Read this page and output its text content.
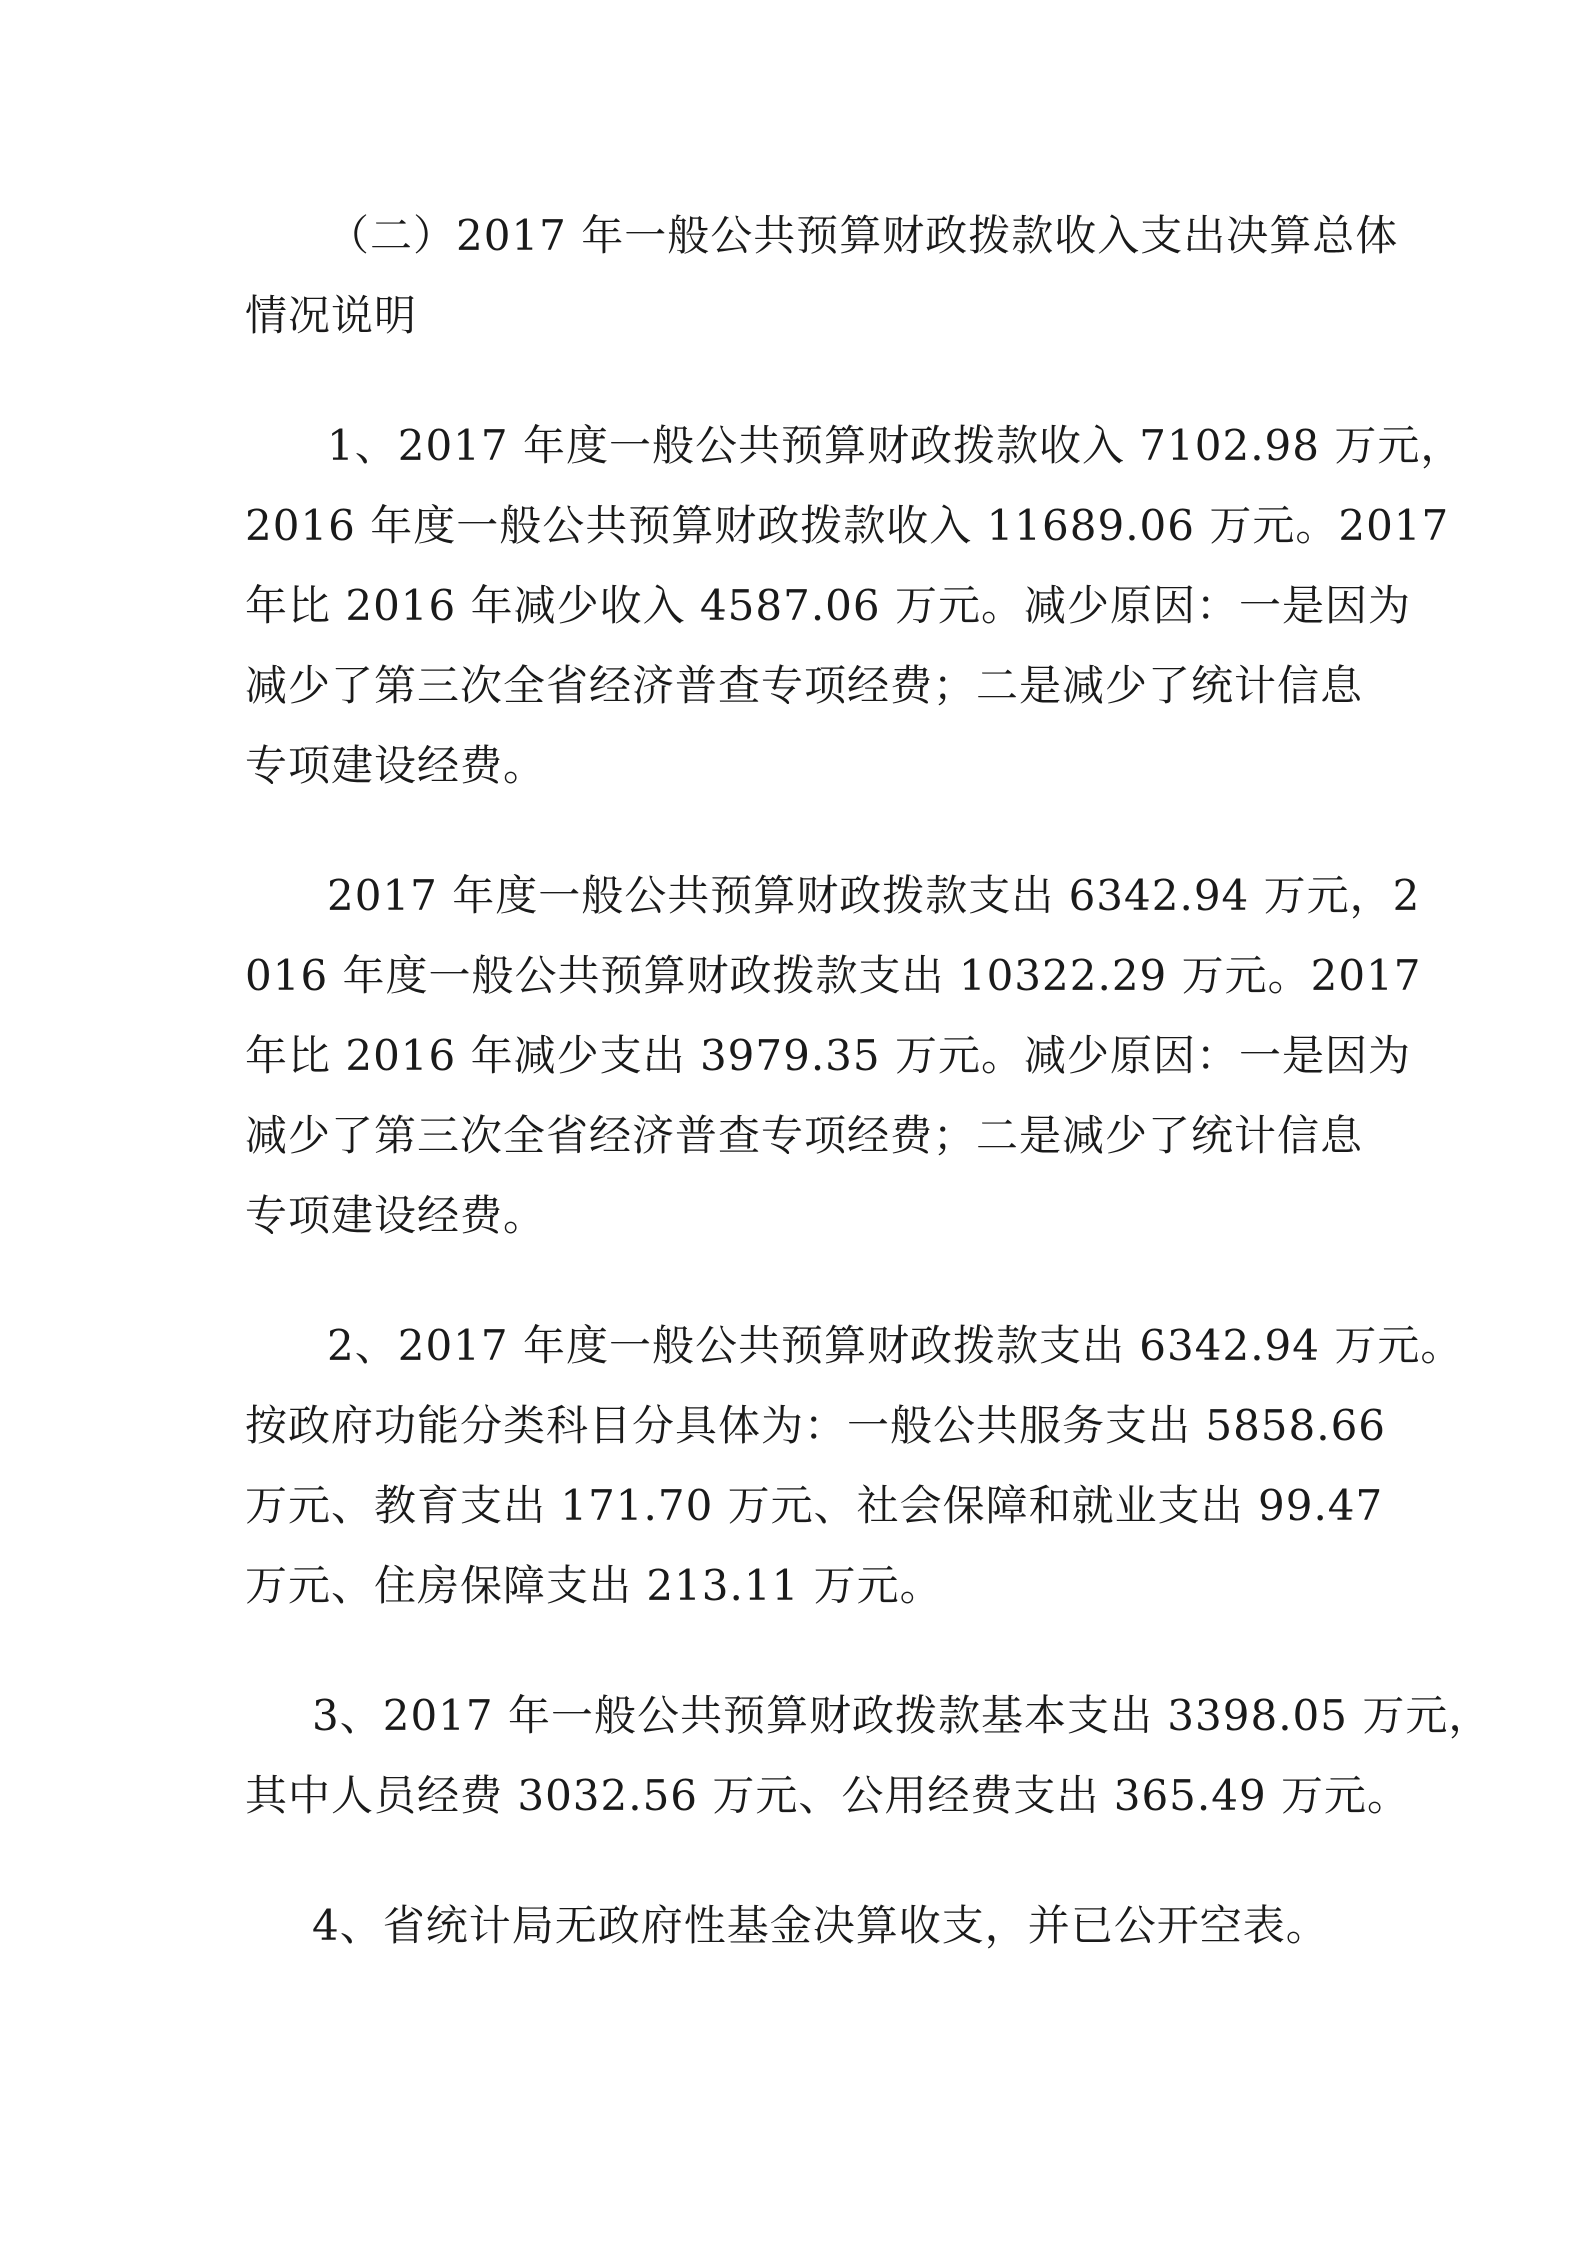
（二）2017 年一般公共预算财政拨款收入支出决算总体
情况说明
1、2017 年度一般公共预算财政拨款收入 7102.98 万元，
2016 年度一般公共预算财政拨款收入 11689.06 万元。2017
年比 2016 年减少收入 4587.06 万元。减少原因：一是因为
减少了第三次全省经济普查专项经费；二是减少了统计信息
专项建设经费。
2017 年度一般公共预算财政拨款支出 6342.94 万元，2
016 年度一般公共预算财政拨款支出 10322.29 万元。2017
年比 2016 年减少支出 3979.35 万元。减少原因：一是因为
减少了第三次全省经济普查专项经费；二是减少了统计信息
专项建设经费。
2、2017 年度一般公共预算财政拨款支出 6342.94 万元。
按政府功能分类科目分具体为：一般公共服务支出 5858.66
万元、教育支出 171.70 万元、社会保障和就业支出 99.47
万元、住房保障支出 213.11 万元。
3、2017 年一般公共预算财政拨款基本支出 3398.05 万元，
其中人员经费 3032.56 万元、公用经费支出 365.49 万元。
4、省统计局无政府性基金决算收支，并已公开空表。
